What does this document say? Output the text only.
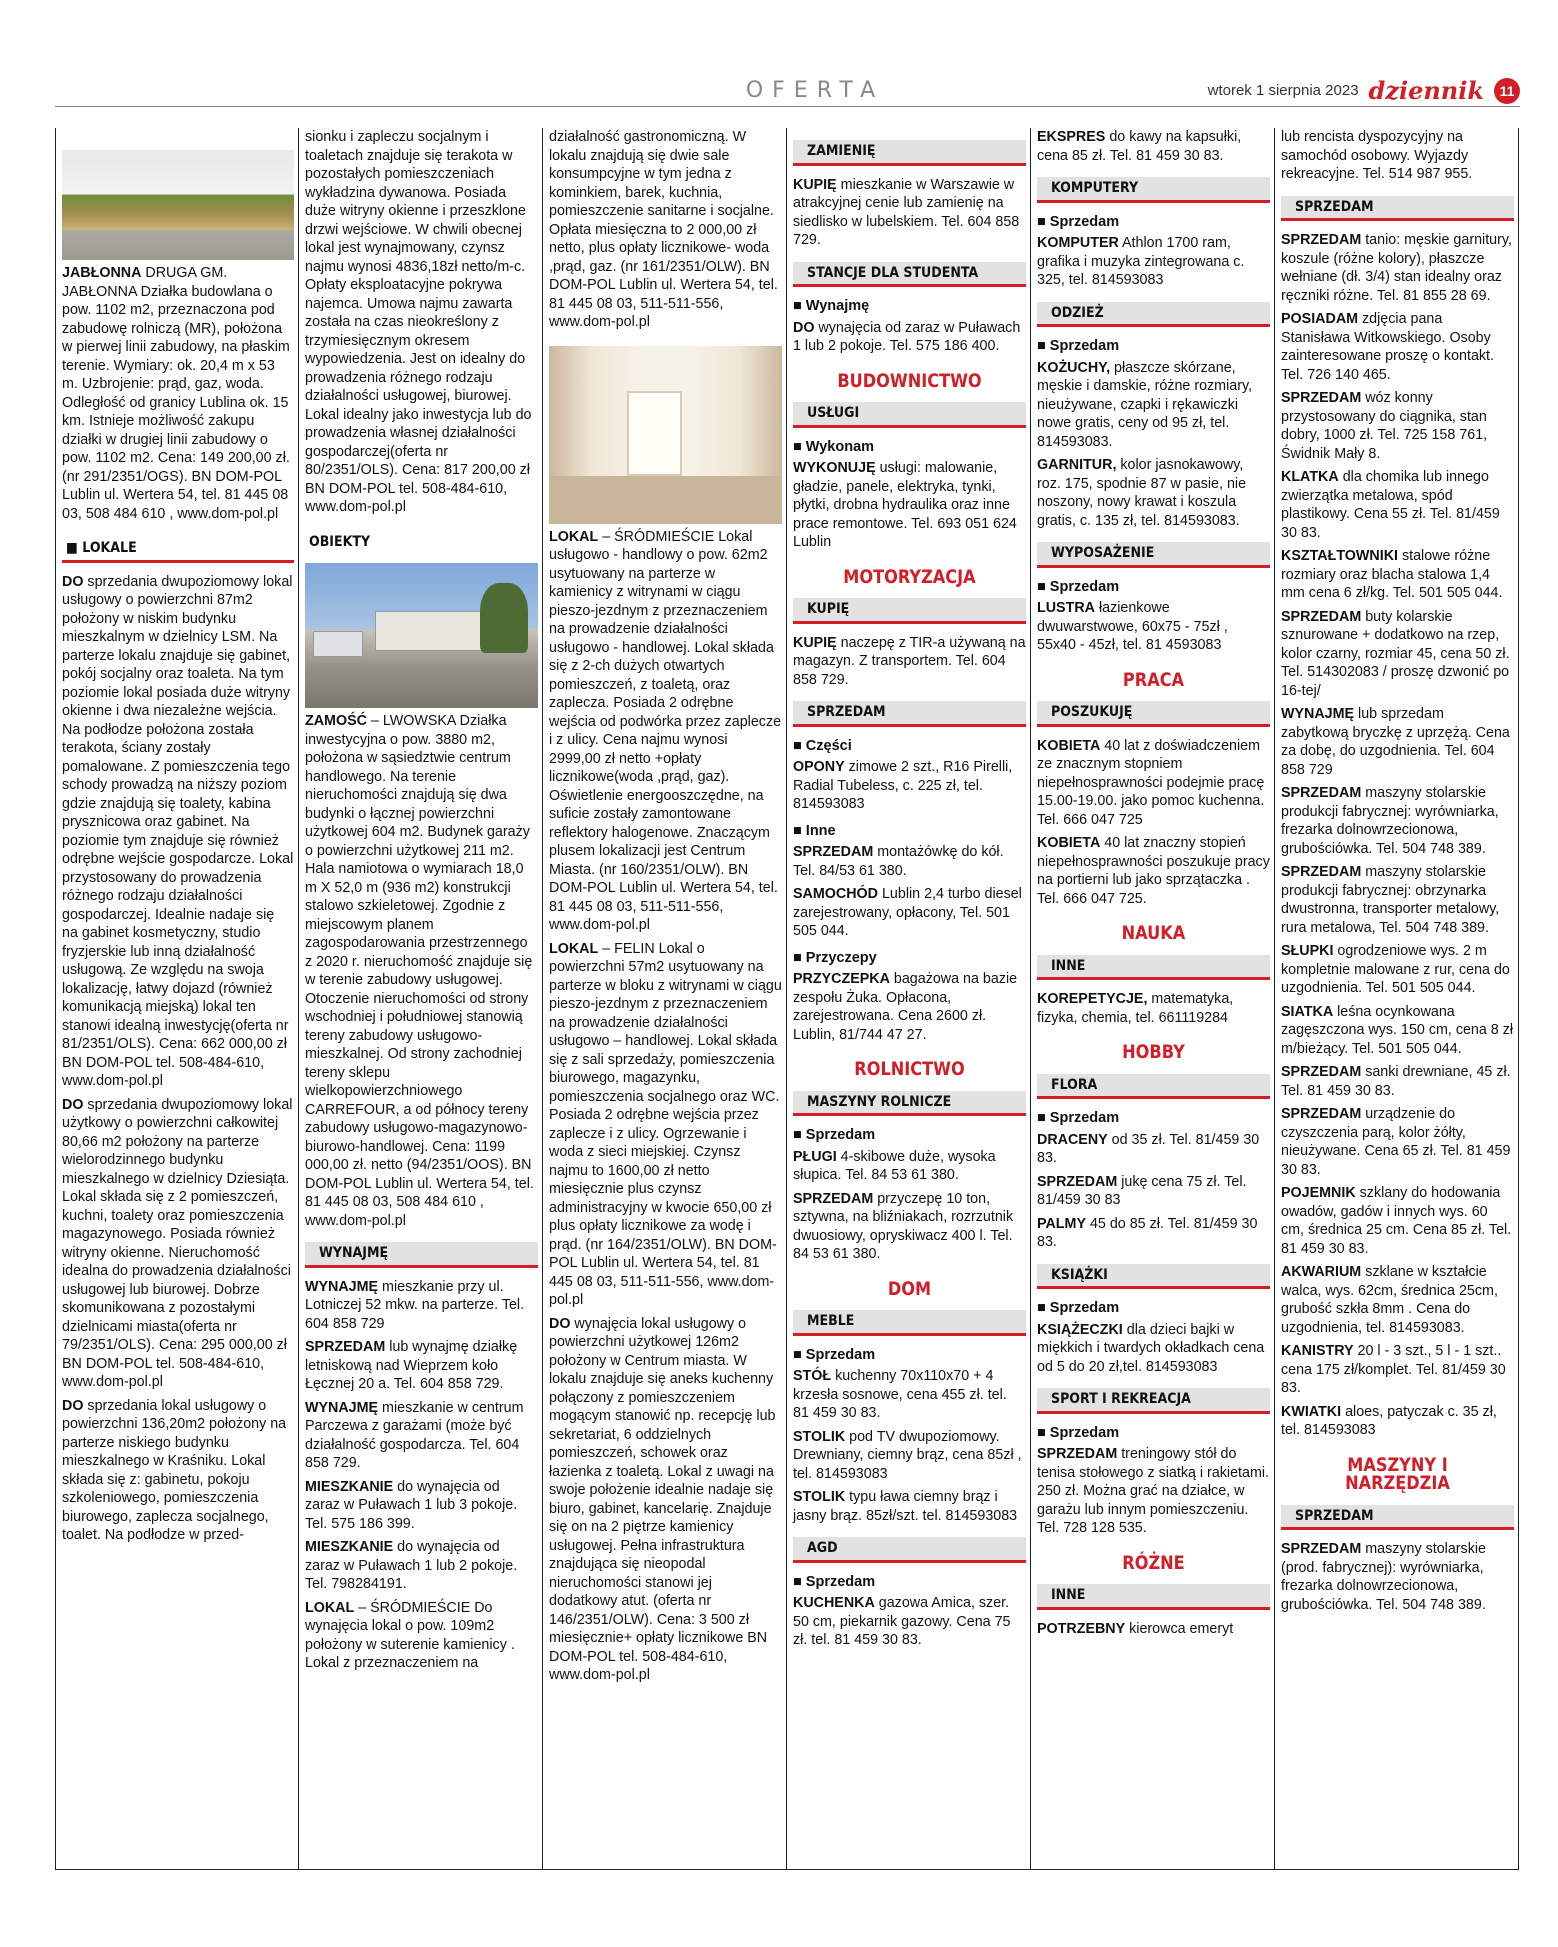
OFERTA	wtorek 1 sierpnia 2023 dziennik	11

JABŁONNA DRUGA GM. JABŁONNA Działka budowlana o pow. 1102 m2, przeznaczona pod zabudowę rolniczą (MR), położona w pierwej linii zabudowy, na płaskim terenie. Wymiary: ok. 20,4 m x 53 m. Uzbrojenie: prąd, gaz, woda. Odległość od granicy Lublina ok. 15 km. Istnieje możliwość zakupu działki w drugiej linii zabudowy o pow. 1102 m2. Cena: 149 200,00 zł. (nr 291/2351/OGS). BN DOM-POL Lublin ul. Wertera 54, tel. 81 445 08 03, 508 484 610 , www.dom-pol.pl

■ LOKALE

DO sprzedania dwupoziomowy lokal usługowy o powierzchni 87m2 położony w niskim budynku mieszkalnym w dzielnicy LSM. Na parterze lokalu znajduje się gabinet, pokój socjalny oraz toaleta. Na tym poziomie lokal posiada duże witryny okienne i dwa niezależne wejścia. Na podłodze położona została terakota, ściany zostały pomalowane. Z pomieszczenia tego schody prowadzą na niższy poziom gdzie znajdują się toalety, kabina prysznicowa oraz gabinet. Na poziomie tym znajduje się również odrębne wejście gospodarcze. Lokal przystosowany do prowadzenia różnego rodzaju działalności gospodarczej. Idealnie nadaje się na gabinet kosmetyczny, studio fryzjerskie lub inną działalność usługową. Ze względu na swoja lokalizację, łatwy dojazd (również komunikacją miejską) lokal ten stanowi idealną inwestycję(oferta nr 81/2351/OLS). Cena: 662 000,00 zł BN DOM-POL tel. 508-484-610, www.dom-pol.pl

DO sprzedania dwupoziomowy lokal użytkowy o powierzchni całkowitej 80,66 m2 położony na parterze wielorodzinnego budynku mieszkalnego w dzielnicy Dziesiąta. Lokal składa się z 2 pomieszczeń, kuchni, toalety oraz pomieszczenia magazynowego. Posiada również witryny okienne. Nieruchomość idealna do prowadzenia działalności usługowej lub biurowej. Dobrze skomunikowana z pozostałymi dzielnicami miasta(oferta nr 79/2351/OLS). Cena: 295 000,00 zł BN DOM-POL tel. 508-484-610, www.dom-pol.pl

DO sprzedania lokal usługowy o powierzchni 136,20m2 położony na parterze niskiego budynku mieszkalnego w Kraśniku. Lokal składa się z: gabinetu, pokoju szkoleniowego, pomieszczenia biurowego, zaplecza socjalnego, toalet. Na podłodze w przed-

sionku i zapleczu socjalnym i toaletach znajduje się terakota w pozostałych pomieszczeniach wykładzina dywanowa. Posiada duże witryny okienne i przeszklone drzwi wejściowe. W chwili obecnej lokal jest wynajmowany, czynsz najmu wynosi 4836,18zł netto/m-c. Opłaty eksploatacyjne pokrywa najemca. Umowa najmu zawarta została na czas nieokreślony z trzymiesięcznym okresem wypowiedzenia. Jest on idealny do prowadzenia różnego rodzaju działalności usługowej, biurowej. Lokal idealny jako inwestycja lub do prowadzenia własnej działalności gospodarczej(oferta nr 80/2351/OLS). Cena: 817 200,00 zł BN DOM-POL tel. 508-484-610, www.dom-pol.pl

OBIEKTY

ZAMOŚĆ – LWOWSKA Działka inwestycyjna o pow. 3880 m2, położona w sąsiedztwie centrum handlowego. Na terenie nieruchomości znajdują się dwa budynki o łącznej powierzchni użytkowej 604 m2. Budynek garaży o powierzchni użytkowej 211 m2. Hala namiotowa o wymiarach 18,0 m X 52,0 m (936 m2) konstrukcji stalowo szkieletowej. Zgodnie z miejscowym planem zagospodarowania przestrzennego z 2020 r. nieruchomość znajduje się w terenie zabudowy usługowej. Otoczenie nieruchomości od strony wschodniej i południowej stanowią tereny zabudowy usługowo-mieszkalnej. Od strony zachodniej tereny sklepu wielkopowierzchniowego CARREFOUR, a od północy tereny zabudowy usługowo-magazynowo-biurowo-handlowej. Cena: 1199 000,00 zł. netto (94/2351/OOS). BN DOM-POL Lublin ul. Wertera 54, tel. 81 445 08 03, 508 484 610 , www.dom-pol.pl

WYNAJMĘ

WYNAJMĘ mieszkanie przy ul. Lotniczej 52 mkw. na parterze. Tel. 604 858 729

SPRZEDAM lub wynajmę działkę letniskową nad Wieprzem koło Łęcznej 20 a. Tel. 604 858 729.

WYNAJMĘ mieszkanie w centrum Parczewa z garażami (może być działalność gospodarcza. Tel. 604 858 729.

MIESZKANIE do wynajęcia od zaraz w Puławach 1 lub 3 pokoje. Tel. 575 186 399.

MIESZKANIE do wynajęcia od zaraz w Puławach 1 lub 2 pokoje. Tel. 798284191.

LOKAL – ŚRÓDMIEŚCIE Do wynajęcia lokal o pow. 109m2 położony w suterenie kamienicy . Lokal z przeznaczeniem na

działalność gastronomiczną. W lokalu znajdują się dwie sale konsumpcyjne w tym jedna z kominkiem, barek, kuchnia, pomieszczenie sanitarne i socjalne. Opłata miesięczna to 2 000,00 zł netto, plus opłaty licznikowe- woda ,prąd, gaz. (nr 161/2351/OLW). BN DOM-POL Lublin ul. Wertera 54, tel. 81 445 08 03, 511-511-556, www.dom-pol.pl

LOKAL – ŚRÓDMIEŚCIE Lokal usługowo - handlowy o pow. 62m2 usytuowany na parterze w kamienicy z witrynami w ciągu pieszo-jezdnym z przeznaczeniem na prowadzenie działalności usługowo - handlowej. Lokal składa się z 2-ch dużych otwartych pomieszczeń, z toaletą, oraz zaplecza. Posiada 2 odrębne wejścia od podwórka przez zaplecze i z ulicy. Cena najmu wynosi 2999,00 zł netto +opłaty licznikowe(woda ,prąd, gaz). Oświetlenie energooszczędne, na suficie zostały zamontowane reflektory halogenowe. Znaczącym plusem lokalizacji jest Centrum Miasta. (nr 160/2351/OLW). BN DOM-POL Lublin ul. Wertera 54, tel. 81 445 08 03, 511-511-556, www.dom-pol.pl

LOKAL – FELIN Lokal o powierzchni 57m2 usytuowany na parterze w bloku z witrynami w ciągu pieszo-jezdnym z przeznaczeniem na prowadzenie działalności usługowo – handlowej. Lokal składa się z sali sprzedaży, pomieszczenia biurowego, magazynku, pomieszczenia socjalnego oraz WC. Posiada 2 odrębne wejścia przez zaplecze i z ulicy. Ogrzewanie i woda z sieci miejskiej. Czynsz najmu to 1600,00 zł netto miesięcznie plus czynsz administracyjny w kwocie 650,00 zł plus opłaty licznikowe za wodę i prąd. (nr 164/2351/OLW). BN DOM-POL Lublin ul. Wertera 54, tel. 81 445 08 03, 511-511-556, www.dom-pol.pl

DO wynajęcia lokal usługowy o powierzchni użytkowej 126m2 położony w Centrum miasta. W lokalu znajduje się aneks kuchenny połączony z pomieszczeniem mogącym stanowić np. recepcję lub sekretariat, 6 oddzielnych pomieszczeń, schowek oraz łazienka z toaletą. Lokal z uwagi na swoje położenie idealnie nadaje się biuro, gabinet, kancelarię. Znajduje się on na 2 piętrze kamienicy usługowej. Pełna infrastruktura znajdująca się nieopodal nieruchomości stanowi jej dodatkowy atut. (oferta nr 146/2351/OLW). Cena: 3 500 zł miesięcznie+ opłaty licznikowe BN DOM-POL tel. 508-484-610, www.dom-pol.pl

ZAMIENIĘ

KUPIĘ mieszkanie w Warszawie w atrakcyjnej cenie lub zamienię na siedlisko w lubelskiem. Tel. 604 858 729.

STANCJE DLA STUDENTA
■ Wynajmę

DO wynajęcia od zaraz w Puławach 1 lub 2 pokoje. Tel. 575 186 400.

BUDOWNICTWO
USŁUGI
■ Wykonam

WYKONUJĘ usługi: malowanie, gładzie, panele, elektryka, tynki, płytki, drobna hydraulika oraz inne prace remontowe. Tel. 693 051 624 Lublin

MOTORYZACJA
KUPIĘ

KUPIĘ naczepę z TIR-a używaną na magazyn. Z transportem. Tel. 604 858 729.

SPRZEDAM
■ Części

OPONY zimowe 2 szt., R16 Pirelli, Radial Tubeless, c. 225 zł, tel. 814593083

■ Inne

SPRZEDAM montażówkę do kół. Tel. 84/53 61 380.

SAMOCHÓD Lublin 2,4 turbo diesel zarejestrowany, opłacony, Tel. 501 505 044.

■ Przyczepy

PRZYCZEPKA bagażowa na bazie zespołu Żuka. Opłacona, zarejestrowana. Cena 2600 zł. Lublin, 81/744 47 27.

ROLNICTWO
MASZYNY ROLNICZE
■ Sprzedam

PŁUGI 4-skibowe duże, wysoka słupica. Tel. 84 53 61 380.

SPRZEDAM przyczepę 10 ton, sztywna, na bliźniakach, rozrzutnik dwuosiowy, opryskiwacz 400 l. Tel. 84 53 61 380.

DOM
MEBLE
■ Sprzedam

STÓŁ kuchenny 70x110x70 + 4 krzesła sosnowe, cena 455 zł. tel. 81 459 30 83.

STOLIK pod TV dwupoziomowy. Drewniany, ciemny brąz, cena 85zł , tel. 814593083

STOLIK typu ława ciemny brąz i jasny brąz. 85zł/szt. tel. 814593083

AGD
■ Sprzedam

KUCHENKA gazowa Amica, szer. 50 cm, piekarnik gazowy. Cena 75 zł. tel. 81 459 30 83.

EKSPRES do kawy na kapsułki, cena 85 zł. Tel. 81 459 30 83.

KOMPUTERY
■ Sprzedam

KOMPUTER Athlon 1700 ram, grafika i muzyka zintegrowana c. 325, tel. 814593083

ODZIEŻ
■ Sprzedam

KOŻUCHY, płaszcze skórzane, męskie i damskie, różne rozmiary, nieużywane, czapki i rękawiczki nowe gratis, ceny od 95 zł, tel. 814593083.

GARNITUR, kolor jasnokawowy, roz. 175, spodnie 87 w pasie, nie noszony, nowy krawat i koszula gratis, c. 135 zł, tel. 814593083.

WYPOSAŻENIE
■ Sprzedam

LUSTRA łazienkowe dwuwarstwowe, 60x75 - 75zł , 55x40 - 45zł, tel. 81 4593083

PRACA
POSZUKUJĘ

KOBIETA 40 lat z doświadczeniem ze znacznym stopniem niepełnosprawności podejmie pracę 15.00-19.00. jako pomoc kuchenna. Tel. 666 047 725

KOBIETA 40 lat znaczny stopień niepełnosprawności poszukuje pracy na portierni lub jako sprzątaczka . Tel. 666 047 725.

NAUKA
INNE

KOREPETYCJE, matematyka, fizyka, chemia, tel. 661119284

HOBBY
FLORA
■ Sprzedam

DRACENY od 35 zł. Tel. 81/459 30 83.

SPRZEDAM jukę cena 75 zł. Tel. 81/459 30 83

PALMY 45 do 85 zł. Tel. 81/459 30 83.

KSIĄŻKI
■ Sprzedam

KSIĄŻECZKI dla dzieci bajki w miękkich i twardych okładkach cena od 5 do 20 zł,tel. 814593083

SPORT I REKREACJA
■ Sprzedam

SPRZEDAM treningowy stół do tenisa stołowego z siatką i rakietami. 250 zł. Można grać na działce, w garażu lub innym pomieszczeniu. Tel. 728 128 535.

RÓŻNE
INNE

POTRZEBNY kierowca emeryt

lub rencista dyspozycyjny na samochód osobowy. Wyjazdy rekreacyjne. Tel. 514 987 955.

SPRZEDAM

SPRZEDAM tanio: męskie garnitury, koszule (różne kolory), płaszcze wełniane (dł. 3/4) stan idealny oraz ręczniki różne. Tel. 81 855 28 69.

POSIADAM zdjęcia pana Stanisława Witkowskiego. Osoby zainteresowane proszę o kontakt. Tel. 726 140 465.

SPRZEDAM wóz konny przystosowany do ciągnika, stan dobry, 1000 zł. Tel. 725 158 761, Świdnik Mały 8.

KLATKA dla chomika lub innego zwierzątka metalowa, spód plastikowy. Cena 55 zł. Tel. 81/459 30 83.

KSZTAŁTOWNIKI stalowe różne rozmiary oraz blacha stalowa 1,4 mm cena 6 zł/kg. Tel. 501 505 044.

SPRZEDAM buty kolarskie sznurowane + dodatkowo na rzep, kolor czarny, rozmiar 45, cena 50 zł. Tel. 514302083 / proszę dzwonić po 16-tej/

WYNAJMĘ lub sprzedam zabytkową bryczkę z uprzężą. Cena za dobę, do uzgodnienia. Tel. 604 858 729

SPRZEDAM maszyny stolarskie produkcji fabrycznej: wyrówniarka, frezarka dolnowrzecionowa, grubościówka. Tel. 504 748 389.

SPRZEDAM maszyny stolarskie produkcji fabrycznej: obrzynarka dwustronna, transporter metalowy, rura metalowa, Tel. 504 748 389.

SŁUPKI ogrodzeniowe wys. 2 m kompletnie malowane z rur, cena do uzgodnienia. Tel. 501 505 044.

SIATKA leśna ocynkowana zagęszczona wys. 150 cm, cena 8 zł m/bieżący. Tel. 501 505 044.

SPRZEDAM sanki drewniane, 45 zł. Tel. 81 459 30 83.

SPRZEDAM urządzenie do czyszczenia parą, kolor żółty, nieużywane. Cena 65 zł. Tel. 81 459 30 83.

POJEMNIK szklany do hodowania owadów, gadów i innych wys. 60 cm, średnica 25 cm. Cena 85 zł. Tel. 81 459 30 83.

AKWARIUM szklane w kształcie walca, wys. 62cm, średnica 25cm, grubość szkła 8mm . Cena do uzgodnienia, tel. 814593083.

KANISTRY 20 l - 3 szt., 5 l - 1 szt.. cena 175 zł/komplet. Tel. 81/459 30 83.

KWIATKI aloes, patyczak c. 35 zł, tel. 814593083

MASZYNY I NARZĘDZIA
SPRZEDAM

SPRZEDAM maszyny stolarskie (prod. fabrycznej): wyrówniarka, frezarka dolnowrzecionowa, grubościówka. Tel. 504 748 389.
